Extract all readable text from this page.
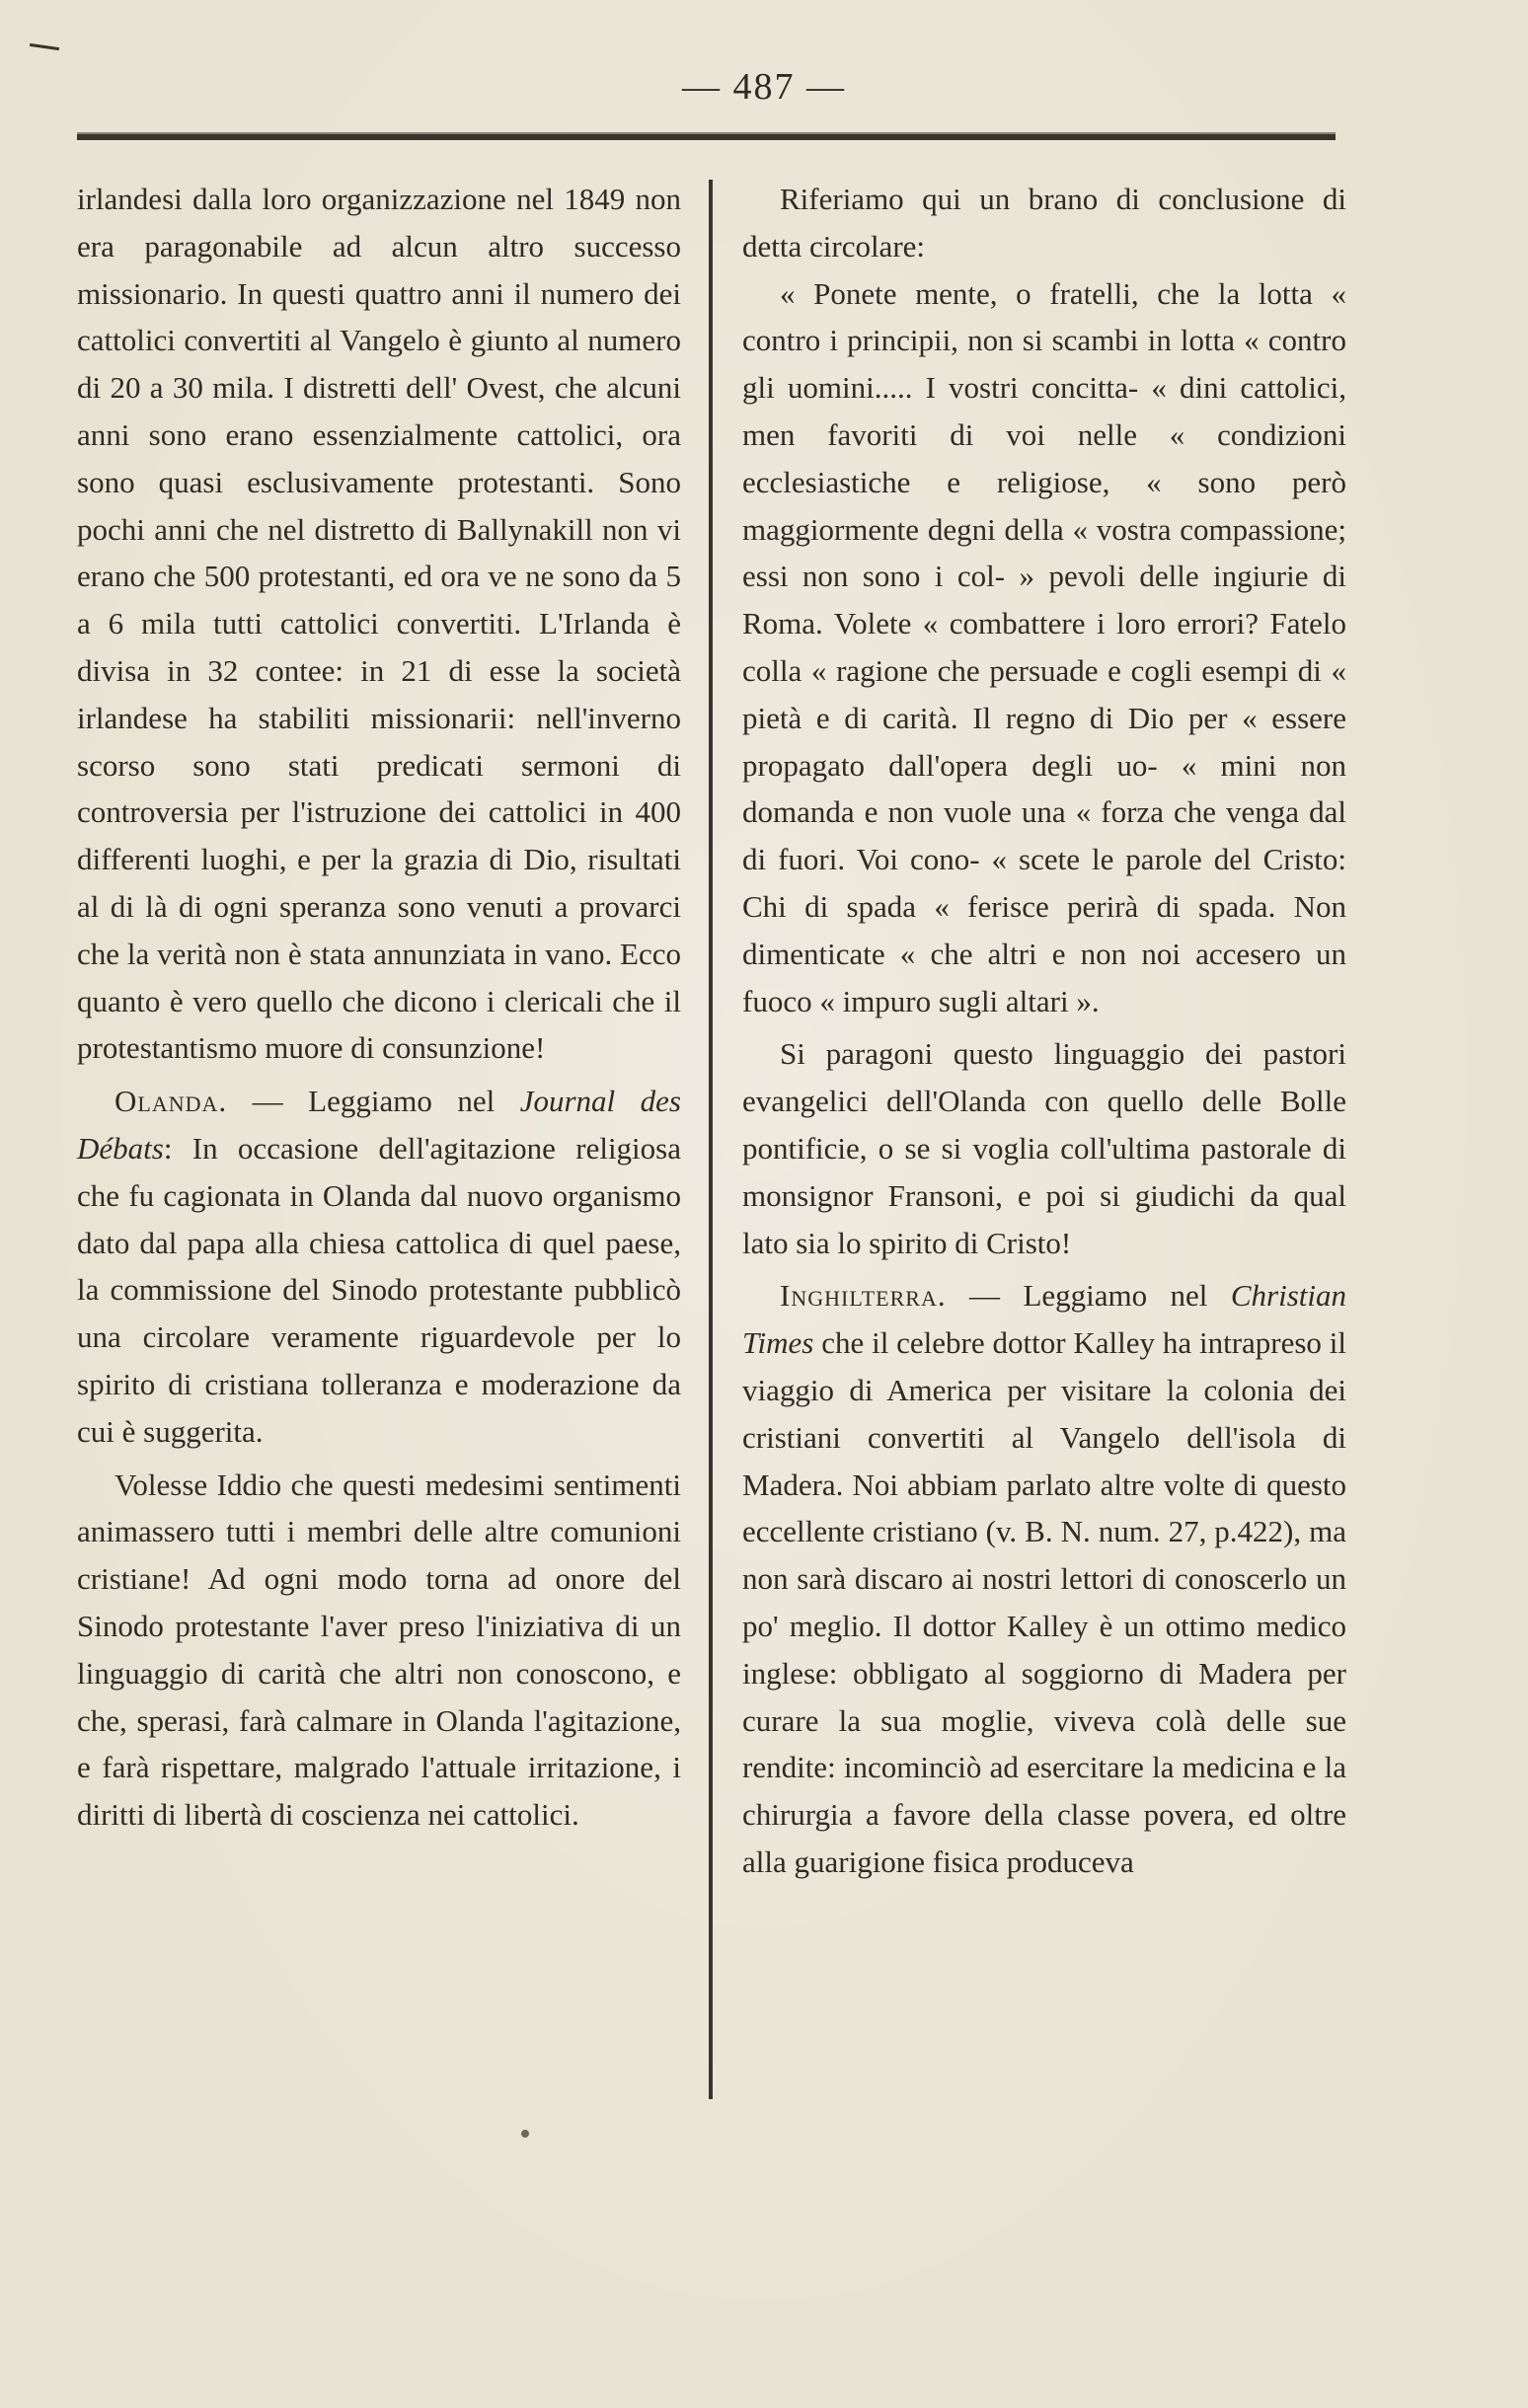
— 487 —

irlandesi dalla loro organizzazione nel 1849 non era paragonabile ad alcun altro successo missionario. In questi quattro anni il numero dei cattolici convertiti al Vangelo è giunto al numero di 20 a 30 mila. I distretti dell' Ovest, che alcuni anni sono erano essenzialmente cattolici, ora sono quasi esclusivamente protestanti. Sono pochi anni che nel distretto di Ballynakill non vi erano che 500 protestanti, ed ora ve ne sono da 5 a 6 mila tutti cattolici convertiti. L'Irlanda è divisa in 32 contee: in 21 di esse la società irlandese ha stabiliti missionarii: nell'inverno scorso sono stati predicati sermoni di controversia per l'istruzione dei cattolici in 400 differenti luoghi, e per la grazia di Dio, risultati al di là di ogni speranza sono venuti a provarci che la verità non è stata annunziata in vano. Ecco quanto è vero quello che dicono i clericali che il protestantismo muore di consunzione!

Olanda. — Leggiamo nel Journal des Débats: In occasione dell'agitazione religiosa che fu cagionata in Olanda dal nuovo organismo dato dal papa alla chiesa cattolica di quel paese, la commissione del Sinodo protestante pubblicò una circolare veramente riguardevole per lo spirito di cristiana tolleranza e moderazione da cui è suggerita.

Volesse Iddio che questi medesimi sentimenti animassero tutti i membri delle altre comunioni cristiane! Ad ogni modo torna ad onore del Sinodo protestante l'aver preso l'iniziativa di un linguaggio di carità che altri non conoscono, e che, sperasi, farà calmare in Olanda l'agitazione, e farà rispettare, malgrado l'attuale irritazione, i diritti di libertà di coscienza nei cattolici.

Riferiamo qui un brano di conclusione di detta circolare:

« Ponete mente, o fratelli, che la lotta « contro i principii, non si scambi in lotta « contro gli uomini..... I vostri concitta- « dini cattolici, men favoriti di voi nelle « condizioni ecclesiastiche e religiose, « sono però maggiormente degni della « vostra compassione; essi non sono i col- » pevoli delle ingiurie di Roma. Volete « combattere i loro errori? Fatelo colla « ragione che persuade e cogli esempi di « pietà e di carità. Il regno di Dio per « essere propagato dall'opera degli uo- « mini non domanda e non vuole una « forza che venga dal di fuori. Voi cono- « scete le parole del Cristo: Chi di spada « ferisce perirà di spada. Non dimenticate « che altri e non noi accesero un fuoco « impuro sugli altari ».

Si paragoni questo linguaggio dei pastori evangelici dell'Olanda con quello delle Bolle pontificie, o se si voglia coll'ultima pastorale di monsignor Fransoni, e poi si giudichi da qual lato sia lo spirito di Cristo!

Inghilterra. — Leggiamo nel Christian Times che il celebre dottor Kalley ha intrapreso il viaggio di America per visitare la colonia dei cristiani convertiti al Vangelo dell'isola di Madera. Noi abbiam parlato altre volte di questo eccellente cristiano (v. B. N. num. 27, p.422), ma non sarà discaro ai nostri lettori di conoscerlo un po' meglio. Il dottor Kalley è un ottimo medico inglese: obbligato al soggiorno di Madera per curare la sua moglie, viveva colà delle sue rendite: incominciò ad esercitare la medicina e la chirurgia a favore della classe povera, ed oltre alla guarigione fisica produceva
